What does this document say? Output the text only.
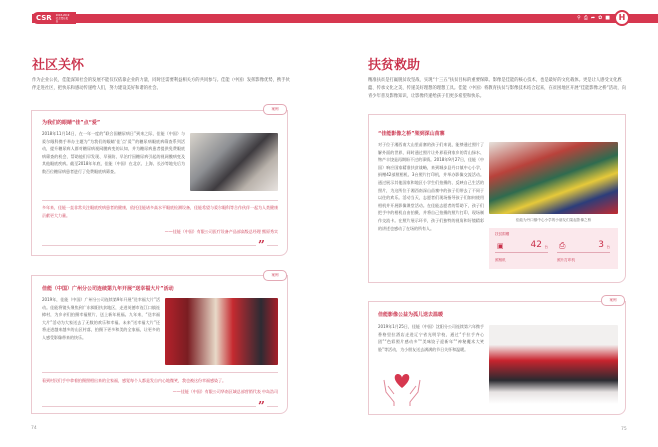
CSR 2018-2019 社会责任报告	⚲ ⎙ ➦ ✿ ■	H
社区关怀
作为企业公民，佳能深知社会的发展不能仅仅依靠企业的力量，同时还需要利益相关方的共同参与。佳能（中国）发挥影像优势，携手伙伴走进社区，把快乐和感动传递给人们，努力建设美好和谐的社会。
案例
为我们的眼睛“佳”点“爱”
2018年11月14日，在一年一度的“联合国糖尿病日”到来之际，佳能（中国）与爱尔眼科携手举办主题为“为我们的眼睛‘佳’点‘爱’”的糖尿病眼底病筛查系列活动，提升糖尿病人群对糖尿病视网膜病变的认知，并为糖尿病患者提供免费眼底病筛查的机会，帮助他们早发现、早预防、早治疗因糖尿病引起的视网膜病变及其他眼底疾病。截至2018年年底，佳能（中国）在北京、上海、长沙等地先后为数百位糖尿病患者进行了免费眼底病筛查。
多年来，佳能一直非常关注眼底疾病患者的健康，依托佳能诸多高水平眼底检测设备，佳能希望与爱尔眼科等合作伙伴一起为人类健康贡献更大力量。
——佳能（中国）有限公司医疗设备产品部高级总经理 熊原秀实
”
案例
佳能（中国）广州分公司连续第九年开展“送幸福大片”活动
2019年，佳能（中国）广州分公司连续第9年开展“送幸福大片”活动。佳能将镜头聚焦到广东揭阳扶贫地区，走进英德市连江口镇连樟村，为乡亲们拍摄幸福照片，送上新年祝福。九年来，“送幸福大片”活动为大家送去了无数的欢乐和幸福。未来“送幸福大片”还将走进越来越多的山区村落，拍摄下更多和美的全家福，让更多的人感受影像带来的快乐。
看到村民们手中拿着拍摄照相出来的全家福，感觉每个人都是发自内心地微笑，我也被这份幸福感染了。
——佳能（中国）有限公司华南区域总部营销代表 中岛浩司
”
74
扶贫救助
精准扶贫是打赢脱贫攻坚战、实现“十三五”扶贫目标的重要保障。影像是佳能的核心技术，也是最好的文化载体。更是让人感受文化底蕴、传承文化之美、传递美好理想的理想工具。佳能（中国）将教育扶贫与影像技术结合起来，在贫困地区开展“佳能影像之桥”活动，向青少年普及影像知识，让影像传递给孩子们更多希望和快乐。
“佳能影像之桥”架到深山苗寨
对于位于湘西南大山里苗寨的孩子们来说，能够通过照片了解外面的世界，同时通过照片让外界看到家乡的青山绿水、物产丰饶是再期盼不过的事情。2018年9月27日，佳能（中国）响应国家精准扶贫战略，来到城步县丹口镇中心小学，捐赠42部照相机、3台照片打印机，并举办影像交流活动。通过展示其他国家和地区小学生们拍摄的、反映自己生活的照片，为这所位于湘西南深山苗寨中的孩子们带去了不同于以往的欢乐。活动当天，志愿者们现场指导孩子们如何使用相机并开展影像课堂活动。在佳能志愿者的帮助下，孩子们把手中的相机自由拍摄，并将自己拍摄的照片打印，现场制作交流卡。在照片展示环节，孩子们独特的视角和好镜精彩的讲述也感动了在场的所有人。
佳能为丹口镇中心小学的小朋友们架起影像之桥
扶贫捐赠
▣	42 台
照相机
⎙	3 台
照片打印机
案例
佳能影像公益为孤儿送去温暖
2019年1月25日，佳能（中国）沈阳分公司连续第六年携手香格里拉酒店走进辽宁省光明学校，通过“手拉手齐心团”“色彩照片感动多”“美味饺子迎新年”“神秘魔术大笑脸”等活动，为小朋友送去满满的节日关怀和温暖。
75
